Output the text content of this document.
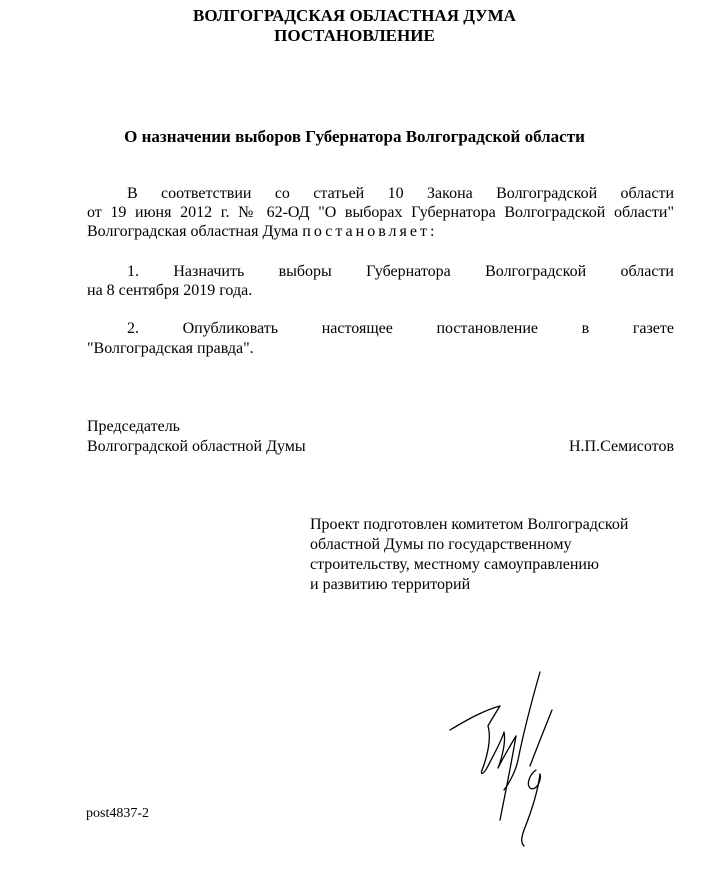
ВОЛГОГРАДСКАЯ ОБЛАСТНАЯ ДУМА
ПОСТАНОВЛЕНИЕ
О назначении выборов Губернатора Волгоградской области
В соответствии со статьей 10 Закона Волгоградской области
от 19 июня 2012 г. № 62-ОД "О выборах Губернатора Волгоградской области"
Волгоградская областная Дума постановляет:
1. Назначить выборы Губернатора Волгоградской области
на 8 сентября 2019 года.
2. Опубликовать настоящее постановление в газете
"Волгоградская правда".
Председатель
Волгоградской областной Думы	Н.П.Семисотов
Проект подготовлен комитетом Волгоградской
областной Думы по государственному
строительству, местному самоуправлению
и развитию территорий
post4837-2
